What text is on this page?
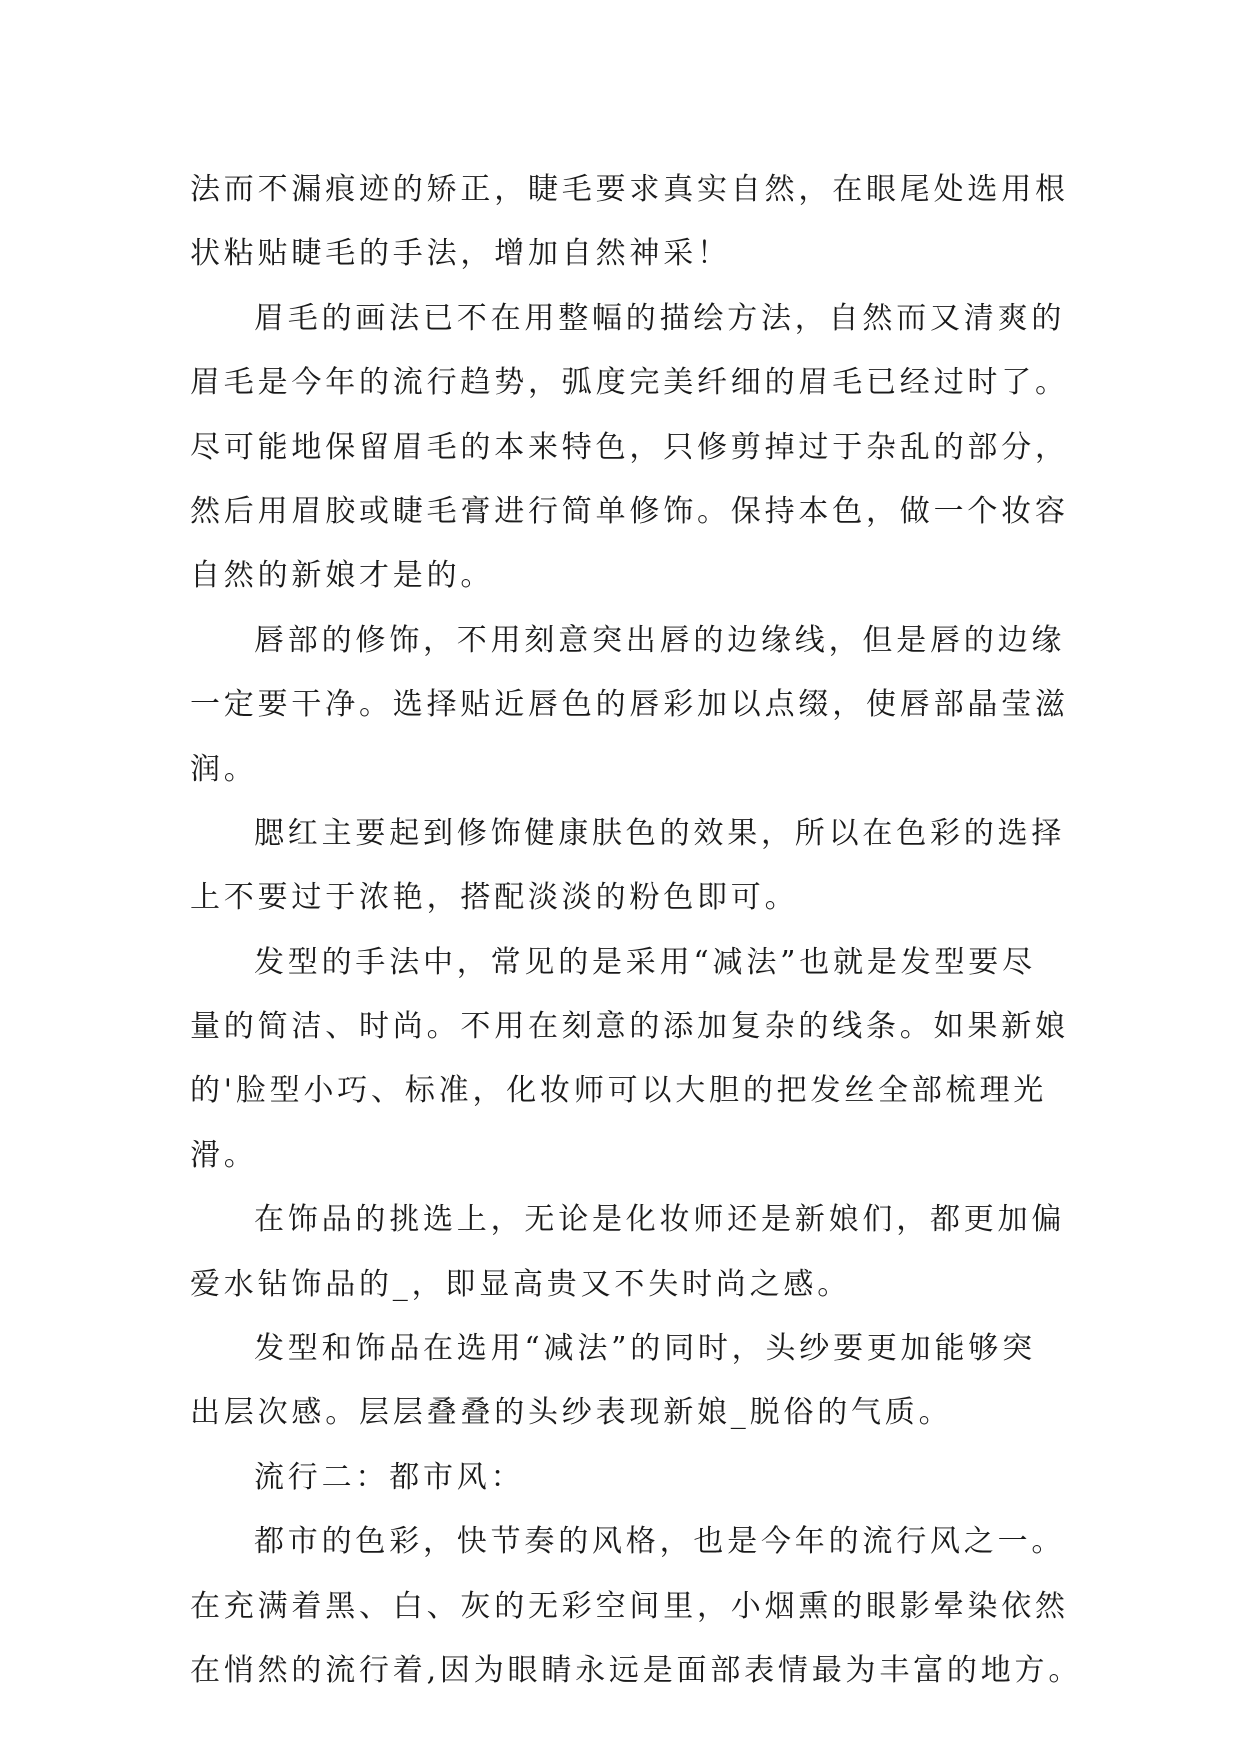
法而不漏痕迹的矫正，睫毛要求真实自然，在眼尾处选用根
状粘贴睫毛的手法，增加自然神采！
眉毛的画法已不在用整幅的描绘方法，自然而又清爽的
眉毛是今年的流行趋势，弧度完美纤细的眉毛已经过时了。
尽可能地保留眉毛的本来特色，只修剪掉过于杂乱的部分，
然后用眉胶或睫毛膏进行简单修饰。保持本色，做一个妆容
自然的新娘才是的。
唇部的修饰，不用刻意突出唇的边缘线，但是唇的边缘
一定要干净。选择贴近唇色的唇彩加以点缀，使唇部晶莹滋
润。
腮红主要起到修饰健康肤色的效果，所以在色彩的选择
上不要过于浓艳，搭配淡淡的粉色即可。
发型的手法中，常见的是采用“减法”也就是发型要尽
量的简洁、时尚。不用在刻意的添加复杂的线条。如果新娘
的'脸型小巧、标准，化妆师可以大胆的把发丝全部梳理光
滑。
在饰品的挑选上，无论是化妆师还是新娘们，都更加偏
爱水钻饰品的_，即显高贵又不失时尚之感。
发型和饰品在选用“减法”的同时，头纱要更加能够突
出层次感。层层叠叠的头纱表现新娘_脱俗的气质。
流行二：都市风：
都市的色彩，快节奏的风格，也是今年的流行风之一。
在充满着黑、白、灰的无彩空间里，小烟熏的眼影晕染依然
在悄然的流行着,因为眼睛永远是面部表情最为丰富的地方。
